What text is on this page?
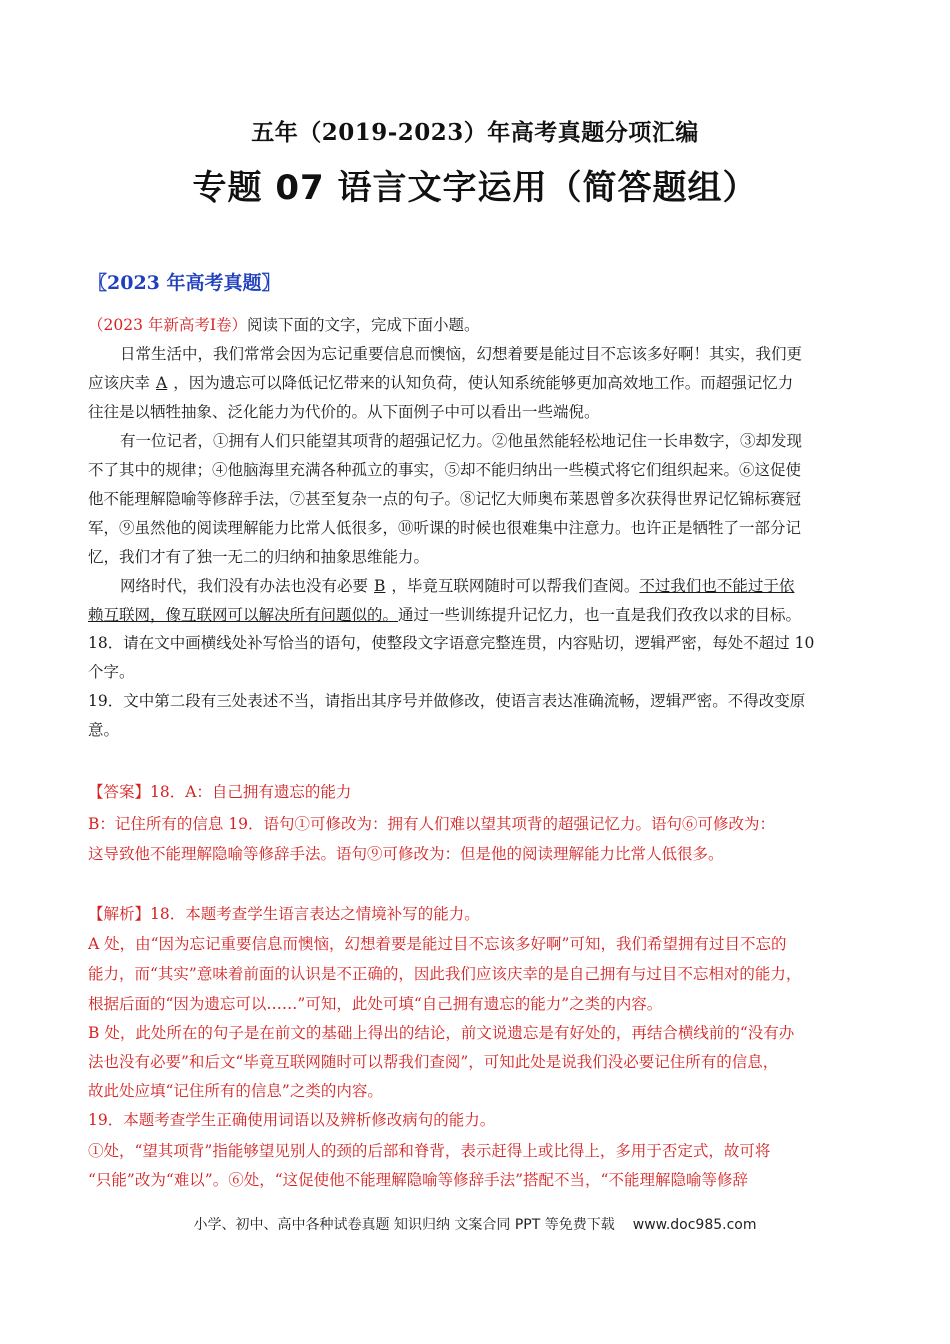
五年（2019-2023）年高考真题分项汇编
专题 07 语言文字运用（简答题组）
〖2023 年高考真题〗
（2023 年新高考Ⅰ卷）阅读下面的文字，完成下面小题。
日常生活中，我们常常会因为忘记重要信息而懊恼，幻想着要是能过目不忘该多好啊！其实，我们更
应该庆幸 A ，因为遗忘可以降低记忆带来的认知负荷，使认知系统能够更加高效地工作。而超强记忆力
往往是以牺牲抽象、泛化能力为代价的。从下面例子中可以看出一些端倪。
有一位记者，①拥有人们只能望其项背的超强记忆力。②他虽然能轻松地记住一长串数字，③却发现
不了其中的规律；④他脑海里充满各种孤立的事实，⑤却不能归纳出一些模式将它们组织起来。⑥这促使
他不能理解隐喻等修辞手法，⑦甚至复杂一点的句子。⑧记忆大师奥布莱恩曾多次获得世界记忆锦标赛冠
军，⑨虽然他的阅读理解能力比常人低很多，⑩听课的时候也很难集中注意力。也许正是牺牲了一部分记
忆，我们才有了独一无二的归纳和抽象思维能力。
网络时代，我们没有办法也没有必要 B ，毕竟互联网随时可以帮我们查阅。不过我们也不能过于依
赖互联网，像互联网可以解决所有问题似的。通过一些训练提升记忆力，也一直是我们孜孜以求的目标。
18．请在文中画横线处补写恰当的语句，使整段文字语意完整连贯，内容贴切，逻辑严密，每处不超过 10
个字。
19．文中第二段有三处表述不当，请指出其序号并做修改，使语言表达准确流畅，逻辑严密。不得改变原
意。
【答案】18．A：自己拥有遗忘的能力
B：记住所有的信息 19．语句①可修改为：拥有人们难以望其项背的超强记忆力。语句⑥可修改为：
这导致他不能理解隐喻等修辞手法。语句⑨可修改为：但是他的阅读理解能力比常人低很多。
【解析】18．本题考查学生语言表达之情境补写的能力。
A 处，由“因为忘记重要信息而懊恼，幻想着要是能过目不忘该多好啊”可知，我们希望拥有过目不忘的
能力，而“其实”意味着前面的认识是不正确的，因此我们应该庆幸的是自己拥有与过目不忘相对的能力，
根据后面的“因为遗忘可以……”可知，此处可填“自己拥有遗忘的能力”之类的内容。
B 处，此处所在的句子是在前文的基础上得出的结论，前文说遗忘是有好处的，再结合横线前的“没有办
法也没有必要”和后文“毕竟互联网随时可以帮我们查阅”，可知此处是说我们没必要记住所有的信息，
故此处应填“记住所有的信息”之类的内容。
19．本题考查学生正确使用词语以及辨析修改病句的能力。
①处，“望其项背”指能够望见别人的颈的后部和脊背，表示赶得上或比得上，多用于否定式，故可将
“只能”改为“难以”。⑥处，“这促使他不能理解隐喻等修辞手法”搭配不当，“不能理解隐喻等修辞
小学、初中、高中各种试卷真题 知识归纳 文案合同 PPT 等免费下载 www.doc985.com
